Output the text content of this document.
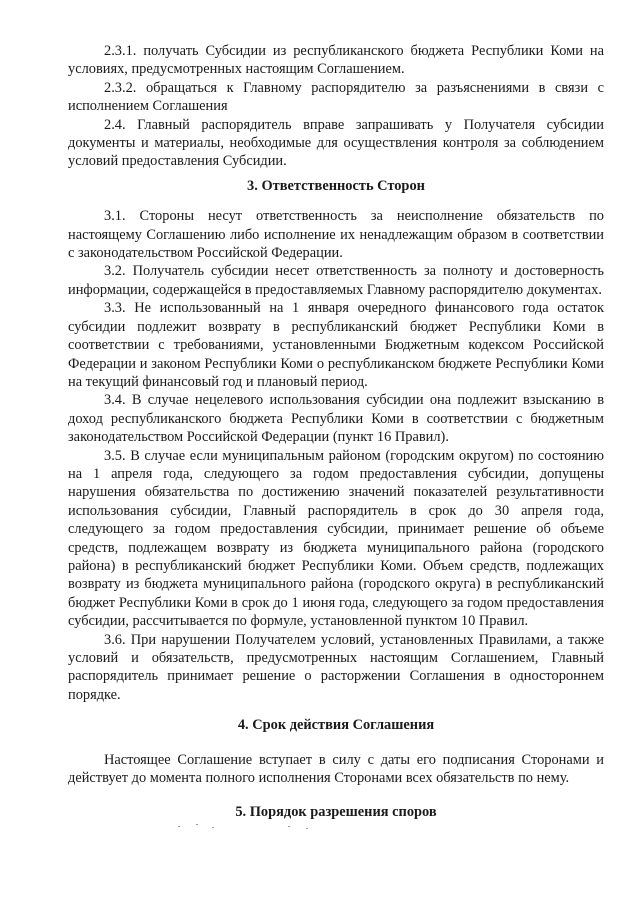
2.3.1. получать Субсидии из республиканского бюджета Республики Коми на условиях, предусмотренных настоящим Соглашением.

2.3.2. обращаться к Главному распорядителю за разъяснениями в связи с исполнением Соглашения

2.4. Главный распорядитель вправе запрашивать у Получателя субсидии документы и материалы, необходимые для осуществления контроля за соблюдением условий предоставления Субсидии.

3. Ответственность Сторон

3.1. Стороны несут ответственность за неисполнение обязательств по настоящему Соглашению либо исполнение их ненадлежащим образом в соответствии с законодательством Российской Федерации.

3.2. Получатель субсидии несет ответственность за полноту и достоверность информации, содержащейся в предоставляемых Главному распорядителю документах.

3.3. Не использованный на 1 января очередного финансового года остаток субсидии подлежит возврату в республиканский бюджет Республики Коми в соответствии с требованиями, установленными Бюджетным кодексом Российской Федерации и законом Республики Коми о республиканском бюджете Республики Коми на текущий финансовый год и плановый период.

3.4. В случае нецелевого использования субсидии она подлежит взысканию в доход республиканского бюджета Республики Коми в соответствии с бюджетным законодательством Российской Федерации (пункт 16 Правил).

3.5. В случае если муниципальным районом (городским округом) по состоянию на 1 апреля года, следующего за годом предоставления субсидии, допущены нарушения обязательства по достижению значений показателей результативности использования субсидии, Главный распорядитель в срок до 30 апреля года, следующего за годом предоставления субсидии, принимает решение об объеме средств, подлежащем возврату из бюджета муниципального района (городского района) в республиканский бюджет Республики Коми. Объем средств, подлежащих возврату из бюджета муниципального района (городского округа) в республиканский бюджет Республики Коми в срок до 1 июня года, следующего за годом предоставления субсидии, рассчитывается по формуле, установленной пунктом 10 Правил.

3.6. При нарушении Получателем условий, установленных Правилами, а также условий и обязательств, предусмотренных настоящим Соглашением, Главный распорядитель принимает решение о расторжении Соглашения в одностороннем порядке.

4. Срок действия Соглашения

Настоящее Соглашение вступает в силу с даты его подписания Сторонами и действует до момента полного исполнения Сторонами всех обязательств по нему.

5. Порядок разрешения споров
